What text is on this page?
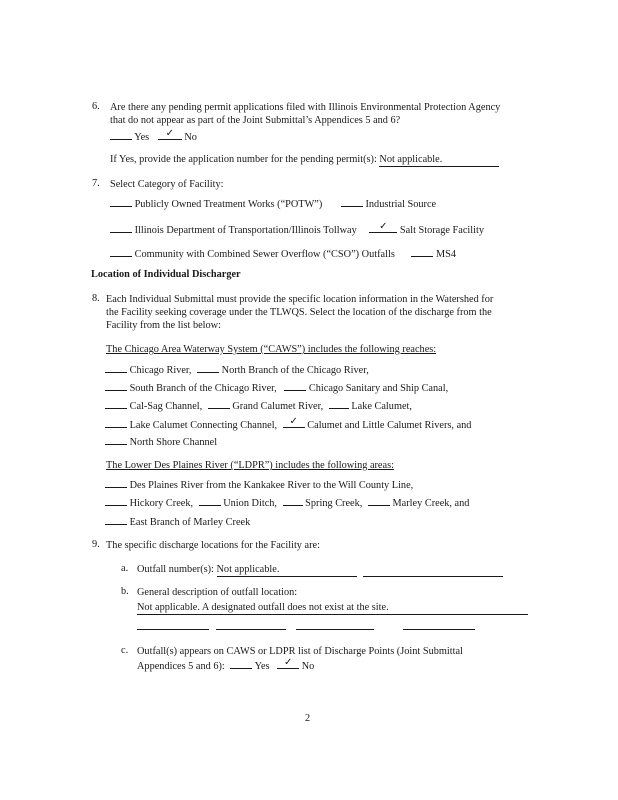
6. Are there any pending permit applications filed with Illinois Environmental Protection Agency
that do not appear as part of the Joint Submittal’s Appendices 5 and 6?
Yes	✓	No
If Yes, provide the application number for the pending permit(s): Not applicable.
7. Select Category of Facility:
Publicly Owned Treatment Works (“POTW”)	Industrial Source
Illinois Department of Transportation/Illinois Tollway	✓	Salt Storage Facility
Community with Combined Sewer Overflow (“CSO”) Outfalls	MS4
Location of Individual Discharger
8. Each Individual Submittal must provide the specific location information in the Watershed for
the Facility seeking coverage under the TLWQS. Select the location of the discharge from the
Facility from the list below:
The Chicago Area Waterway System (“CAWS”) includes the following reaches:
Chicago River,	North Branch of the Chicago River,
South Branch of the Chicago River,	Chicago Sanitary and Ship Canal,
Cal-Sag Channel,	Grand Calumet River,	Lake Calumet,
Lake Calumet Connecting Channel,	✓ Calumet and Little Calumet Rivers, and
North Shore Channel
The Lower Des Plaines River (“LDPR”) includes the following areas:
Des Plaines River from the Kankakee River to the Will County Line,
Hickory Creek,	Union Ditch,	Spring Creek,	Marley Creek, and
East Branch of Marley Creek
9. The specific discharge locations for the Facility are:
a. Outfall number(s): Not applicable.
b. General description of outfall location:
Not applicable. A designated outfall does not exist at the site.

c. Outfall(s) appears on CAWS or LDPR list of Discharge Points (Joint Submittal
Appendices 5 and 6):	Yes	✓ No
2
